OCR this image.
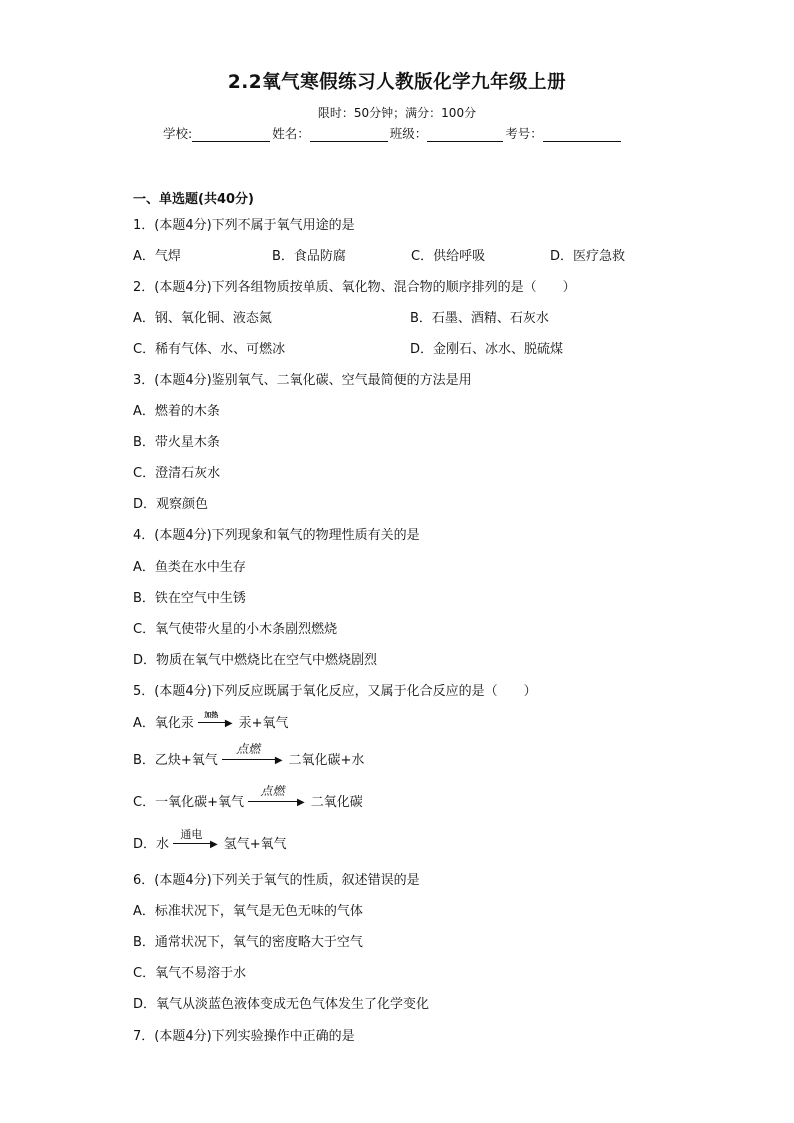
2.2氧气寒假练习人教版化学九年级上册
限时：50分钟；满分：100分
学校:	姓名：	班级：	考号：
一、单选题(共40分)
1．(本题4分)下列不属于氧气用途的是
A．气焊	B．食品防腐	C．供给呼吸	D．医疗急救
2．(本题4分)下列各组物质按单质、氧化物、混合物的顺序排列的是（　　）
A．钢、氧化铜、液态氮	B．石墨、酒精、石灰水
C．稀有气体、水、可燃冰	D．金刚石、冰水、脱硫煤
3．(本题4分)鉴别氧气、二氧化碳、空气最简便的方法是用
A．燃着的木条
B．带火星木条
C．澄清石灰水
D．观察颜色
4．(本题4分)下列现象和氧气的物理性质有关的是
A．鱼类在水中生存
B．铁在空气中生锈
C．氧气使带火星的小木条剧烈燃烧
D．物质在氧气中燃烧比在空气中燃烧剧烈
5．(本题4分)下列反应既属于氧化反应，又属于化合反应的是（　　）
A．氧化汞
加热
▶ 汞+氧气
B．乙炔+氧气
点燃
▶ 二氧化碳+水
C．一氧化碳+氧气
点燃
▶ 二氧化碳
D．水
通电
▶ 氢气+氧气
6．(本题4分)下列关于氧气的性质，叙述错误的是
A．标准状况下，氧气是无色无味的气体
B．通常状况下，氧气的密度略大于空气
C．氧气不易溶于水
D．氧气从淡蓝色液体变成无色气体发生了化学变化
7．(本题4分)下列实验操作中正确的是
